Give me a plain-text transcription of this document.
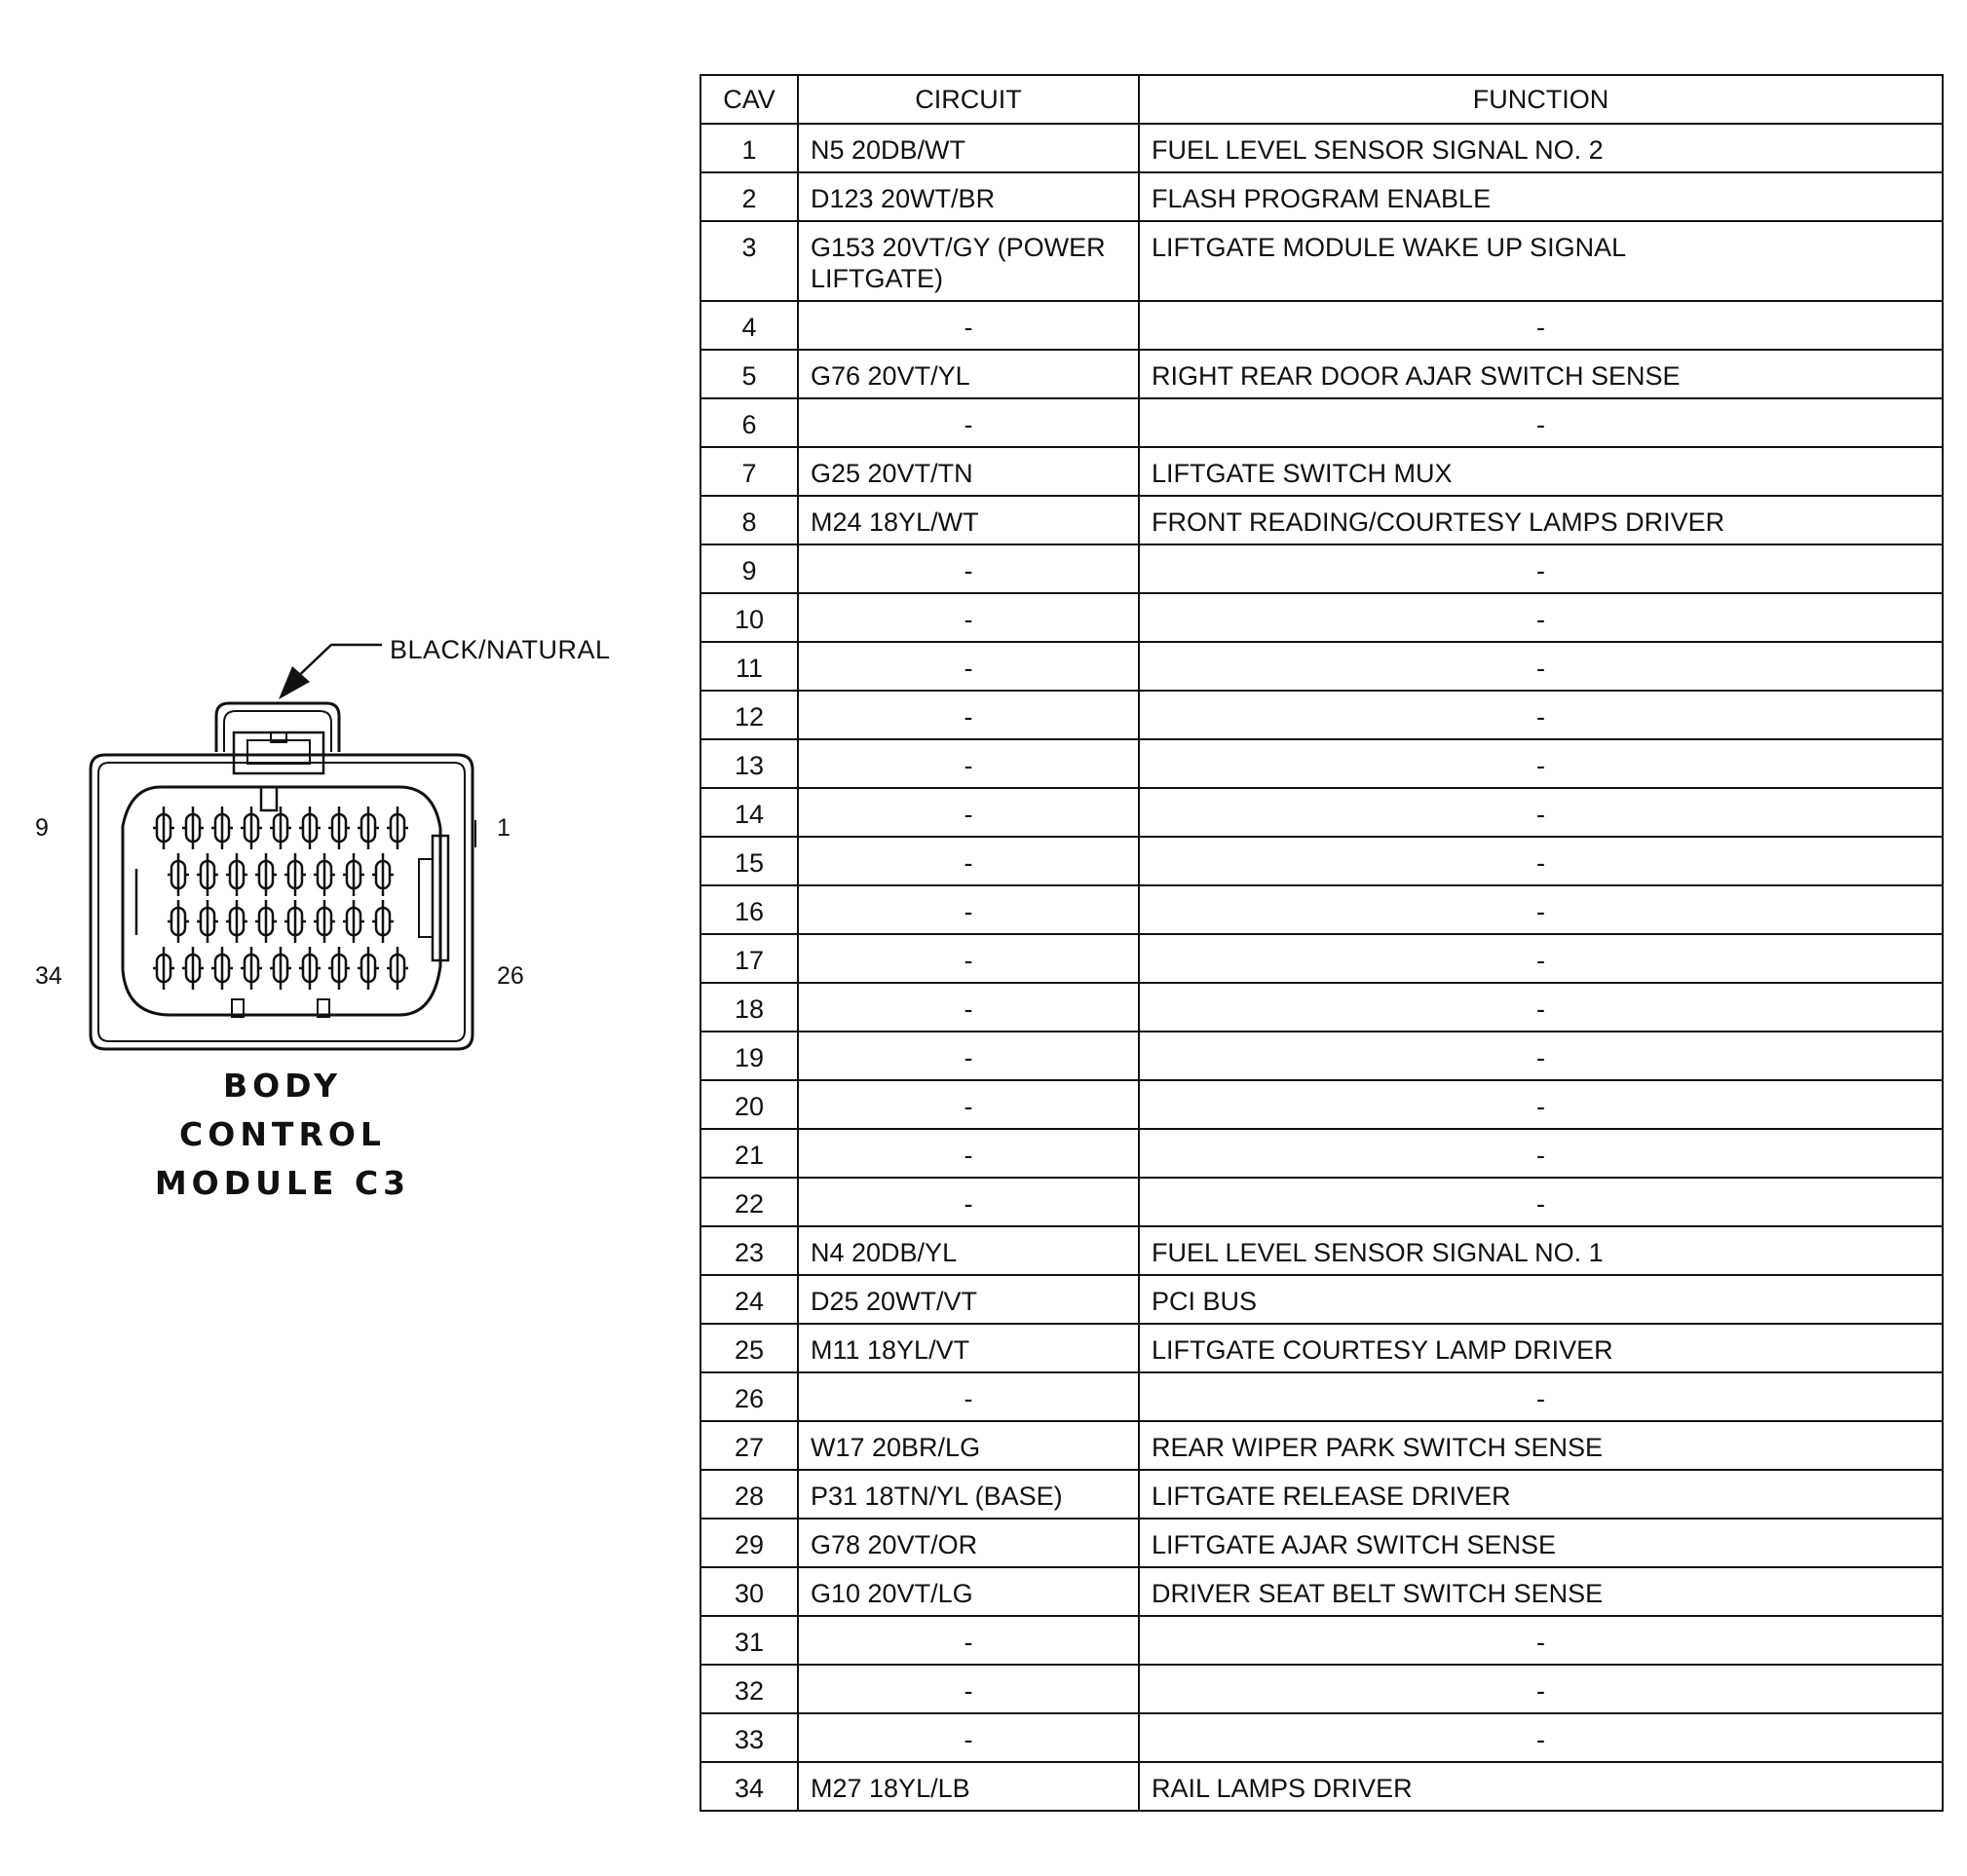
9	1
34	26
BLACK/NATURAL
BODY
CONTROL
MODULE C3
CAV	CIRCUIT	FUNCTION
1	N5 20DB/WT	FUEL LEVEL SENSOR SIGNAL NO. 2
2	D123 20WT/BR	FLASH PROGRAM ENABLE
3	G153 20VT/GY (POWER LIFTGATE)	LIFTGATE MODULE WAKE UP SIGNAL
4	-	-
5	G76 20VT/YL	RIGHT REAR DOOR AJAR SWITCH SENSE
6	-	-
7	G25 20VT/TN	LIFTGATE SWITCH MUX
8	M24 18YL/WT	FRONT READING/COURTESY LAMPS DRIVER
9	-	-
10	-	-
11	-	-
12	-	-
13	-	-
14	-	-
15	-	-
16	-	-
17	-	-
18	-	-
19	-	-
20	-	-
21	-	-
22	-	-
23	N4 20DB/YL	FUEL LEVEL SENSOR SIGNAL NO. 1
24	D25 20WT/VT	PCI BUS
25	M11 18YL/VT	LIFTGATE COURTESY LAMP DRIVER
26	-	-
27	W17 20BR/LG	REAR WIPER PARK SWITCH SENSE
28	P31 18TN/YL (BASE)	LIFTGATE RELEASE DRIVER
29	G78 20VT/OR	LIFTGATE AJAR SWITCH SENSE
30	G10 20VT/LG	DRIVER SEAT BELT SWITCH SENSE
31	-	-
32	-	-
33	-	-
34	M27 18YL/LB	RAIL LAMPS DRIVER
